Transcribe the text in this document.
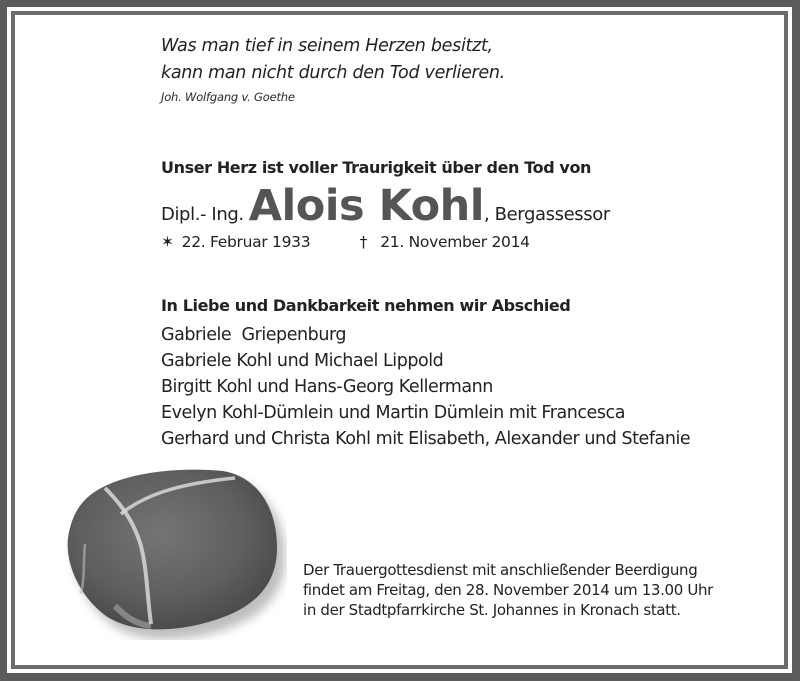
Was man tief in seinem Herzen besitzt,
kann man nicht durch den Tod verlieren.
Joh. Wolfgang v. Goethe
Unser Herz ist voller Traurigkeit über den Tod von
Dipl.- Ing. Alois Kohl , Bergassessor
✶ 22. Februar 1933	† 21. November 2014
In Liebe und Dankbarkeit nehmen wir Abschied
Gabriele  Griepenburg
Gabriele Kohl und Michael Lippold
Birgitt Kohl und Hans-Georg Kellermann
Evelyn Kohl-Dümlein und Martin Dümlein mit Francesca
Gerhard und Christa Kohl mit Elisabeth, Alexander und Stefanie
Der Trauergottesdienst mit anschließender Beerdigung
findet am Freitag, den 28. November 2014 um 13.00 Uhr
in der Stadtpfarrkirche St. Johannes in Kronach statt.
